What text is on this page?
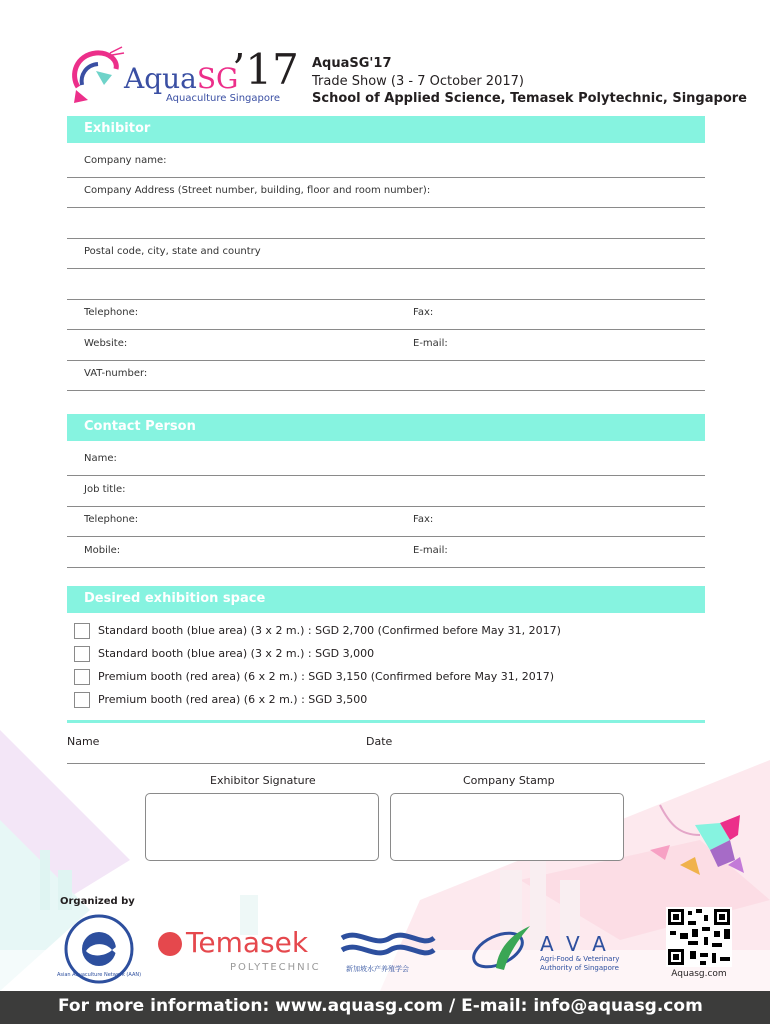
AquaSG
’17
Aquaculture Singapore
AquaSG'17
Trade Show (3 - 7 October 2017)
School of Applied Science, Temasek Polytechnic, Singapore
Exhibitor
Company name:
Company Address (Street number, building, floor and room number):
Postal code, city, state and country
Telephone:	Fax:
Website:	E-mail:
VAT-number:
Contact Person
Name:
Job title:
Telephone:	Fax:
Mobile:	E-mail:
Desired exhibition space
Standard booth (blue area) (3 x 2 m.) : SGD 2,700 (Confirmed before May 31, 2017)
Standard booth (blue area) (3 x 2 m.) : SGD 3,000
Premium booth (red area) (6 x 2 m.) : SGD 3,150 (Confirmed before May 31, 2017)
Premium booth (red area) (6 x 2 m.) : SGD 3,500
Name	Date
Exhibitor Signature	Company Stamp
Organized by
Asian Aquaculture Network (AAN)
Temasek
POLYTECHNIC	新加坡水产养殖学会
A V A
Agri-Food & Veterinary
Authority of Singapore
Aquasg.com
For more information: www.aquasg.com / E-mail: info@aquasg.com
